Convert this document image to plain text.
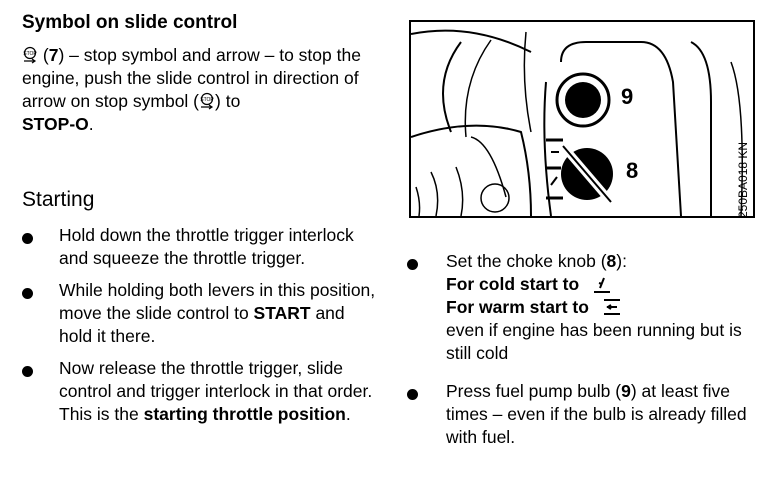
Symbol on slide control

STOP (7) – stop symbol and arrow – to stop the engine, push the slide control in direction of arrow on stop symbol ( STOP ) to
STOP-O.

Starting
Hold down the throttle trigger interlock and squeeze the throttle trigger.
While holding both levers in this position, move the slide control to START and hold it there.
Now release the throttle trigger, slide control and trigger interlock in that order. This is the starting throttle position.
9
8	250BA018 KN
Set the choke knob (8):
For cold start to
For warm start to
even if engine has been running but is still cold
Press fuel pump bulb (9) at least five times – even if the bulb is already filled with fuel.
